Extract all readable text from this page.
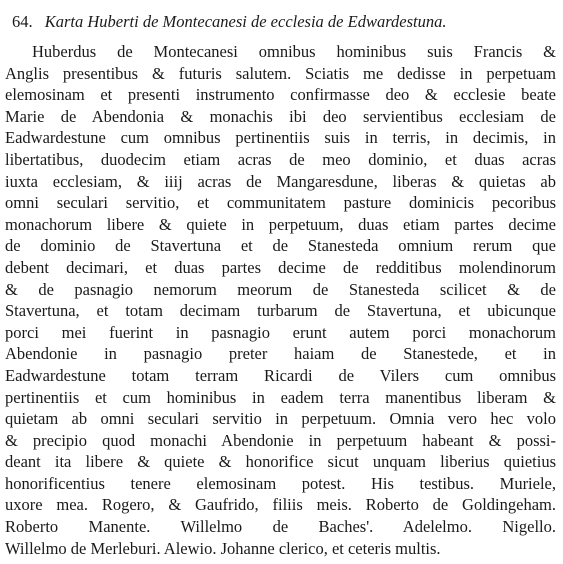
64. Karta Huberti de Montecanesi de ecclesia de Edwardestuna.
Huberdus de Montecanesi omnibus hominibus suis Francis &
Anglis presentibus & futuris salutem. Sciatis me dedisse in perpetuam
elemosinam et presenti instrumento confirmasse deo & ecclesie beate
Marie de Abendonia & monachis ibi deo servientibus ecclesiam de
Eadwardestune cum omnibus pertinentiis suis in terris, in decimis, in
libertatibus, duodecim etiam acras de meo dominio, et duas acras
iuxta ecclesiam, & iiij acras de Mangaresdune, liberas & quietas ab
omni seculari servitio, et communitatem pasture dominicis pecoribus
monachorum libere & quiete in perpetuum, duas etiam partes decime
de dominio de Stavertuna et de Stanesteda omnium rerum que
debent decimari, et duas partes decime de redditibus molendinorum
& de pasnagio nemorum meorum de Stanesteda scilicet & de
Stavertuna, et totam decimam turbarum de Stavertuna, et ubicunque
porci mei fuerint in pasnagio erunt autem porci monachorum
Abendonie in pasnagio preter haiam de Stanestede, et in
Eadwardestune totam terram Ricardi de Vilers cum omnibus
pertinentiis et cum hominibus in eadem terra manentibus liberam &
quietam ab omni seculari servitio in perpetuum. Omnia vero hec volo
& precipio quod monachi Abendonie in perpetuum habeant & possi-
deant ita libere & quiete & honorifice sicut unquam liberius quietius
honorificentius tenere elemosinam potest. His testibus. Muriele,
uxore mea. Rogero, & Gaufrido, filiis meis. Roberto de Goldingeham.
Roberto Manente. Willelmo de Baches'. Adelelmo. Nigello.
Willelmo de Merleburi. Alewio. Johanne clerico, et ceteris multis.
